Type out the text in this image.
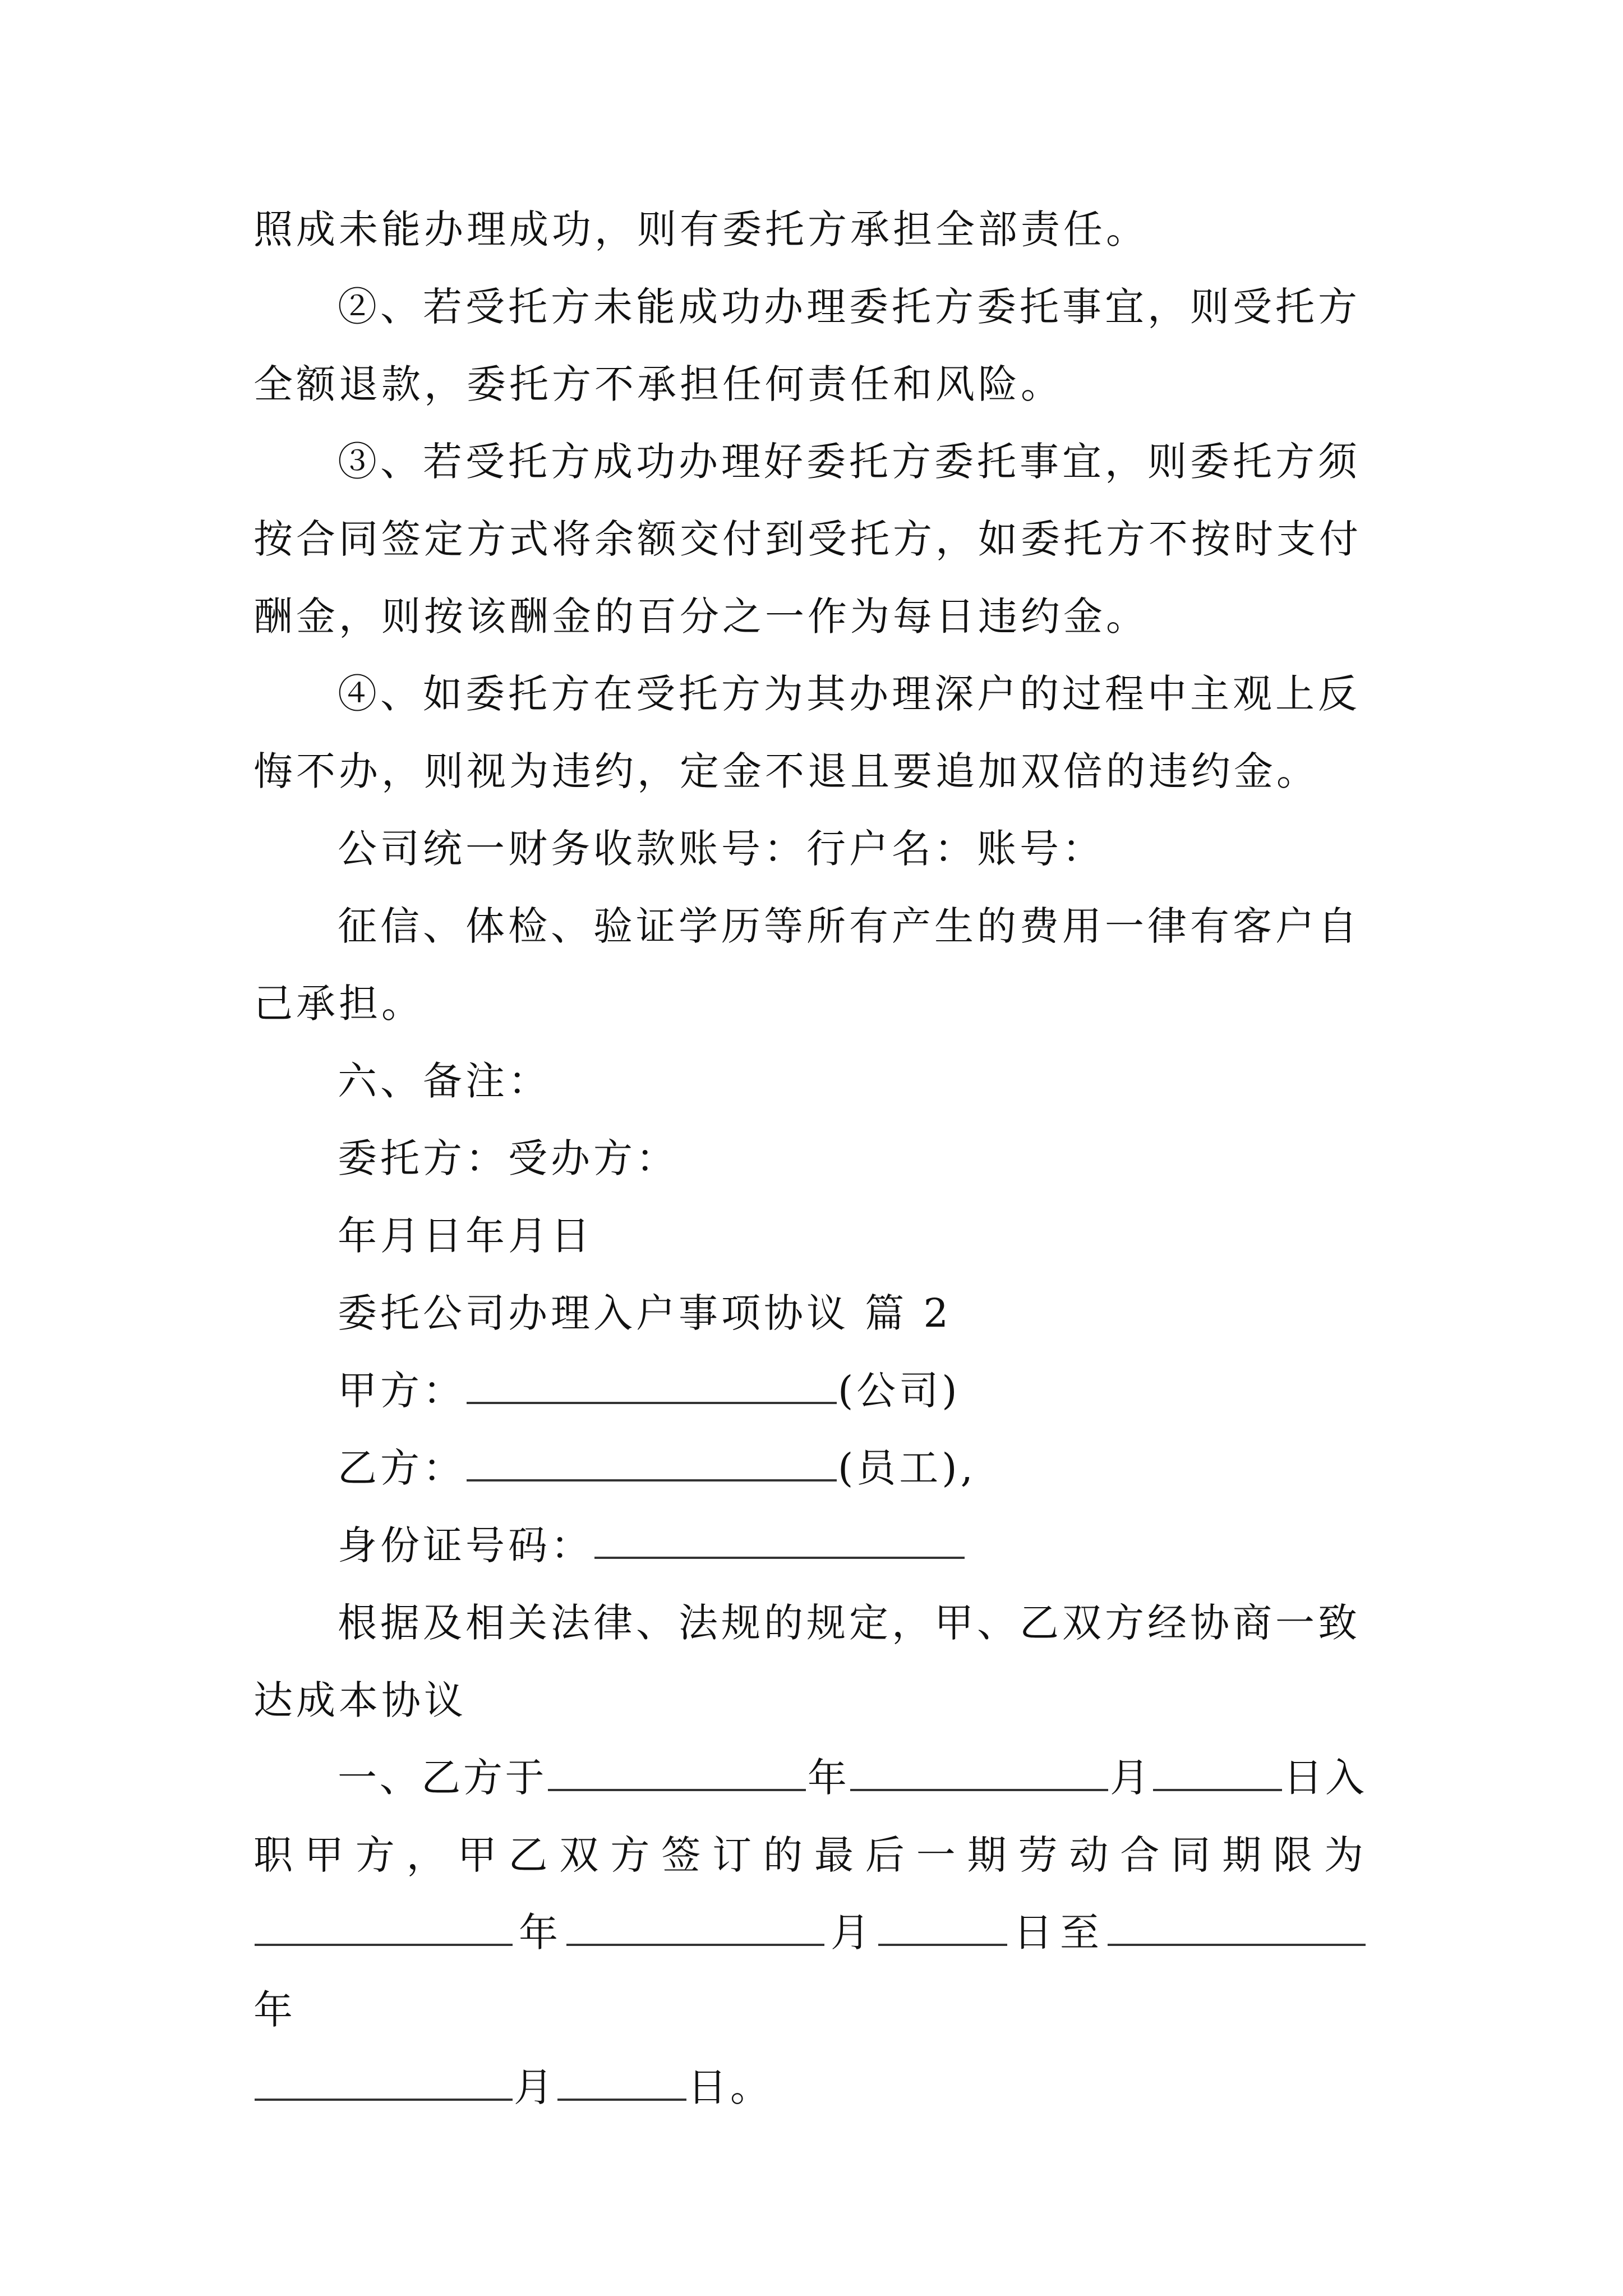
照成未能办理成功，则有委托方承担全部责任。

②、若受托方未能成功办理委托方委托事宜，则受托方

全额退款，委托方不承担任何责任和风险。

③、若受托方成功办理好委托方委托事宜，则委托方须

按合同签定方式将余额交付到受托方，如委托方不按时支付

酬金，则按该酬金的百分之一作为每日违约金。

④、如委托方在受托方为其办理深户的过程中主观上反

悔不办，则视为违约，定金不退且要追加双倍的违约金。

公司统一财务收款账号：行户名：账号：

征信、体检、验证学历等所有产生的费用一律有客户自

己承担。

六、备注：

委托方：受办方：

年月日年月日

委托公司办理入户事项协议 篇 2

甲方：	(公司)

乙方：	(员工),

身份证号码：

根据及相关法律、法规的规定，甲、乙双方经协商一致

达成本协议

一、乙方于	年	月	日入

职甲方，甲乙双方签订的最后一期劳动合同期限为

年	月	日至年

月	日。
